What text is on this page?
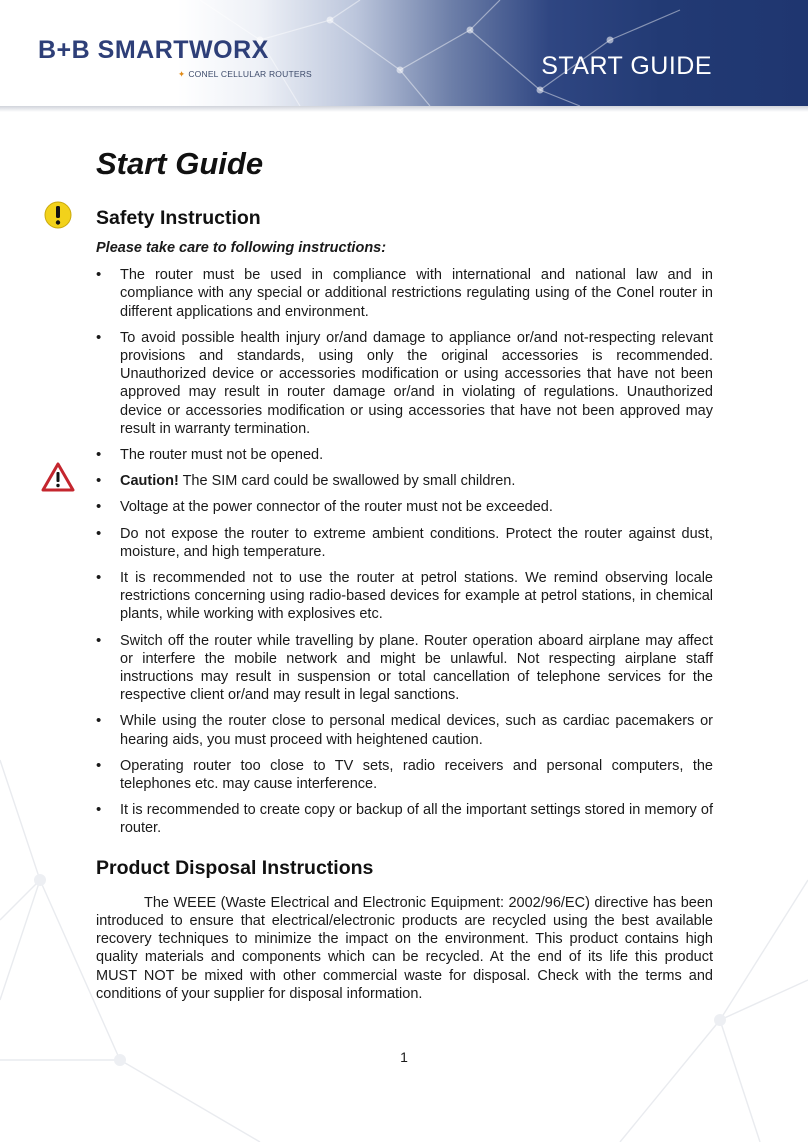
B+B SMARTWORX
✦ CONEL CELLULAR ROUTERS	START GUIDE
Start Guide
Safety Instruction

Please take care to following instructions:

• The router must be used in compliance with international and national law and in compliance with any special or additional restrictions regulating using of the Conel router in different applications and environment.
• To avoid possible health injury or/and damage to appliance or/and not-respecting relevant provisions and standards, using only the original accessories is recommended. Unauthorized device or accessories modification or using accessories that have not been approved may result in router damage or/and in violating of regulations. Unauthorized device or accessories modification or using accessories that have not been approved may result in warranty termination.
• The router must not be opened.
• Caution! The SIM card could be swallowed by small children.
• Voltage at the power connector of the router must not be exceeded.
• Do not expose the router to extreme ambient conditions. Protect the router against dust, moisture, and high temperature.
• It is recommended not to use the router at petrol stations. We remind observing locale restrictions concerning using radio-based devices for example at petrol stations, in chemical plants, while working with explosives etc.
• Switch off the router while travelling by plane. Router operation aboard airplane may affect or interfere the mobile network and might be unlawful. Not respecting airplane staff instructions may result in suspension or total cancellation of telephone services for the respective client or/and may result in legal sanctions.
• While using the router close to personal medical devices, such as cardiac pacemakers or hearing aids, you must proceed with heightened caution.
• Operating router too close to TV sets, radio receivers and personal computers, the telephones etc. may cause interference.
• It is recommended to create copy or backup of all the important settings stored in memory of router.
Product Disposal Instructions

The WEEE (Waste Electrical and Electronic Equipment: 2002/96/EC) directive has been introduced to ensure that electrical/electronic products are recycled using the best available recovery techniques to minimize the impact on the environment. This product contains high quality materials and components which can be recycled. At the end of its life this product MUST NOT be mixed with other commercial waste for disposal. Check with the terms and conditions of your supplier for disposal information.

1
